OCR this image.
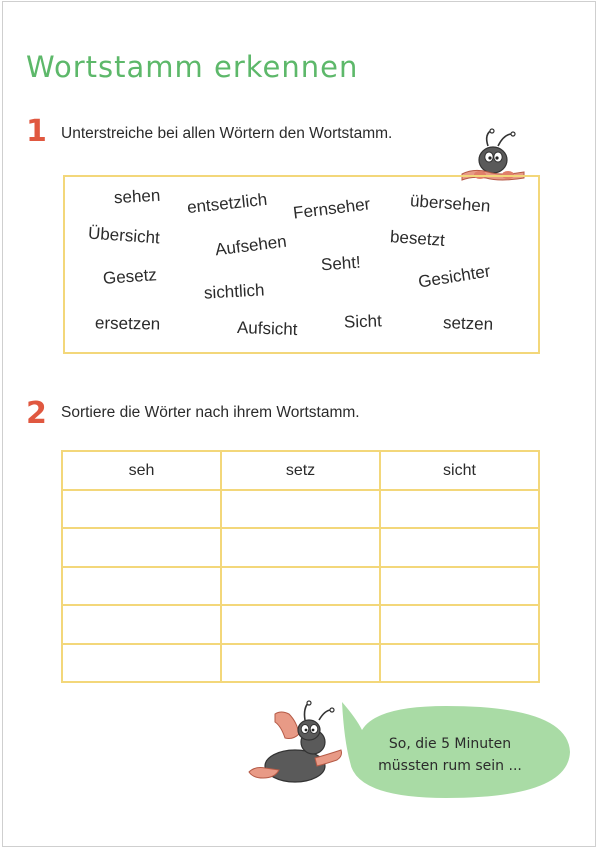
Wortstamm erkennen
1 Unterstreiche bei allen Wörtern den Wortstamm.
sehen entsetzlich Fernseher übersehen
Übersicht	Aufsehen	besetzt
Gesetz
Seht!	Gesichter
sichtlich
ersetzen	Aufsicht	Sicht	setzen
2 Sortiere die Wörter nach ihrem Wortstamm.
seh	setz	sicht

So, die 5 Minuten
müssten rum sein ...
